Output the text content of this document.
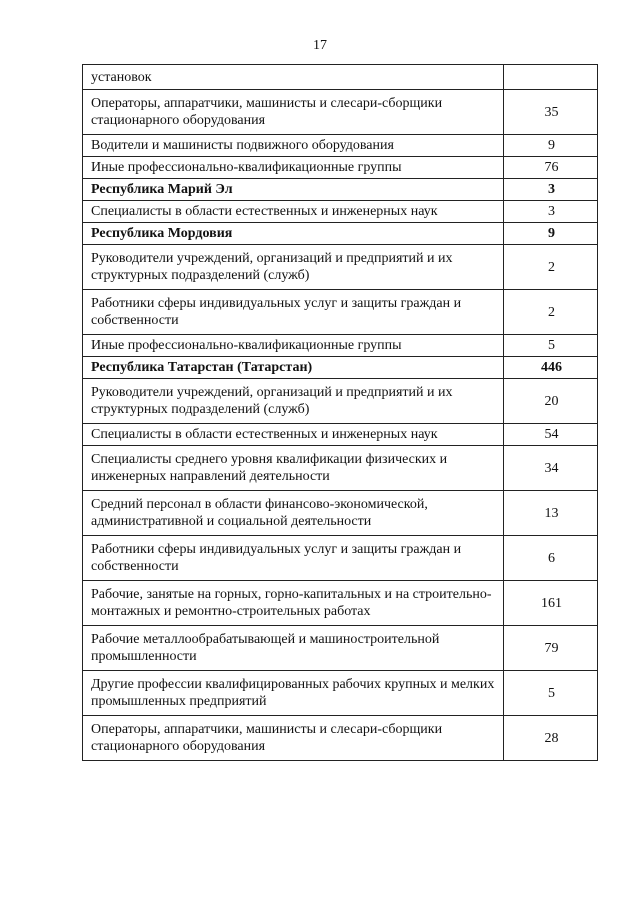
17
установок	
Операторы, аппаратчики, машинисты и слесари-сборщики стационарного оборудования	35
Водители и машинисты подвижного оборудования	9
Иные профессионально-квалификационные группы	76
Республика Марий Эл	3
Специалисты в области естественных и инженерных наук	3
Республика Мордовия	9
Руководители учреждений, организаций и предприятий и их структурных подразделений (служб)	2
Работники сферы индивидуальных услуг и защиты граждан и собственности	2
Иные профессионально-квалификационные группы	5
Республика Татарстан (Татарстан)	446
Руководители учреждений, организаций и предприятий и их структурных подразделений (служб)	20
Специалисты в области естественных и инженерных наук	54
Специалисты среднего уровня квалификации физических и инженерных направлений деятельности	34
Средний персонал в области финансово-экономической, административной и социальной деятельности	13
Работники сферы индивидуальных услуг и защиты граждан и собственности	6
Рабочие, занятые на горных, горно-капитальных и на строительно-монтажных и ремонтно-строительных работах	161
Рабочие металлообрабатывающей и машиностроительной промышленности	79
Другие профессии квалифицированных рабочих крупных и мелких промышленных предприятий	5
Операторы, аппаратчики, машинисты и слесари-сборщики стационарного оборудования	28
